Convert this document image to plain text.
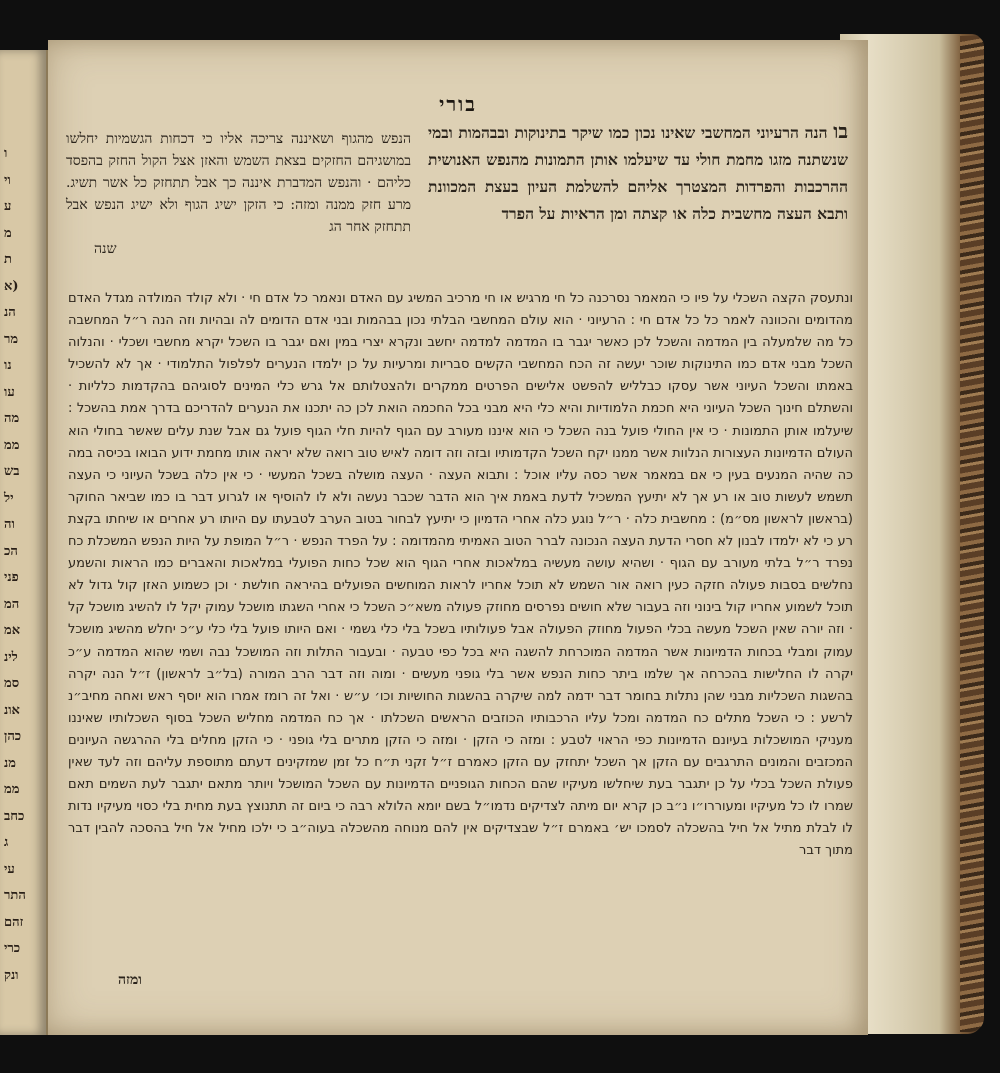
ו
וי
ע
מ
ת
(א
הנ
מר
נו
עו
מה
ממ
בש
יל
וה
הכ
פני
המ
אמ
לינ
סמ
אונ
כהן
מנ
ממ
כחב
ג
עי
התר
זהם
כרי
ונק
בורי
בו הנה הרעיוני המחשבי שאינו נכון כמו שיקר בתינוקות ובבהמות ובמי שנשתנה מזגו מחמת חולי עד שיעלמו אותן התמונות מהנפש האנושית ההרכבות והפרדות המצטרך אליהם להשלמת העיון בעצת המכוונת ותבא העצה מחשבית כלה או קצתה ומן הראיות על הפרד
הנפש מהגוף ושאיננה צריכה אליו כי דכחות הגשמיות יחלשו במושגיהם החזקים בצאת השמש והאזן אצל הקול החזק בהפסד כליהם · והנפש המדברת איננה כך אבל תתחזק כל אשר תשיג. מרע חזק ממנה ומזה: כי הזקן ישיג הגוף ולא ישיג הנפש אבל תתחזק אחר הג
שנה
ונתעסק הקצה השכלי על פיו כי המאמר נסרכנה כל חי מרגיש או חי מרכיב המשיג עם האדם ונאמר כל אדם חי · ולא קולד המולדה מגדל האדם מהדומים והכוונה לאמר כל כל אדם חי : הרעיוני · הוא עולם המחשבי הבלתי נכון בבהמות ובני אדם הדומים לה ובהיות וזה הנה ר״ל המחשבה כל מה שלמעלה בין המדמה והשכל לכן כאשר יגבר בו המדמה למדמה יחשב ונקרא יצרי במין ואם יגבר בו השכל יקרא מחשבי ושכלי · והנלוה השכל מבני אדם כמו התינוקות שוכר יעשה זה הכח המחשבי הקשים סבריות ומרעיות על כן ילמדו הנערים לפלפול התלמודי · אך לא להשכיל באמתו והשכל העיוני אשר עסקו כבלליש להפשט אלישים הפרטים ממקרים ולהצטלותם אל גרש כלי המינים לסוגיהם בהקדמות כלליות · והשתלם חינוך השכל העיוני היא חכמת הלמודיות והיא כלי היא מבני בכל החכמה הואת לכן כה יתכנו את הנערים להדריכם בדרך אמת בהשכל : שיעלמו אותן התמונות · כי אין החולי פועל בנה השכל כי הוא איננו מעורב עם הגוף להיות חלי הגוף פועל גם אבל שנת עלים שאשר בחולי הוא העולם הדמיונות העצורות הנלוות אשר ממנו יקח השכל הקדמותיו ובזה וזה דומה לאיש טוב רואה שלא יראה אותו מחמת ידוע הבואו בכיסה במה כה שהיה המנעים בעין כי אם במאמר אשר כסה עליו אוכל : ותבוא העצה · העצה מושלה בשכל המעשי · כי אין כלה בשכל העיוני כי העצה תשמש לעשות טוב או רע אך לא יתיעץ המשכיל לדעת באמת איך הוא הדבר שכבר נעשה ולא לו להוסיף או לגרוע דבר בו כמו שביאר החוקר (בראשון לראשון מס״מ) : מחשבית כלה · ר״ל נוגע כלה אחרי הדמיון כי יתיעץ לבחור בטוב הערב לטבעתו עם היותו רע אחרים או שיחתו בקצת רע כי לא ילמדו לבנון לא חסרי הדעת העצה הנכונה לברר הטוב האמיתי מהמדומה : על הפרד הנפש · ר״ל המופת על היות הנפש המשכלת כח נפרד ר״ל בלתי מעורב עם הגוף · ושהיא עושה מעשיה במלאכות אחרי הגוף הוא שכל כחות הפועלי במלאכות והאברים כמו הראות והשמע נחלשים בסבות פעולה חזקה כעין רואה אור השמש לא תוכל אחריו לראות המוחשים הפועלים בהיראה חולשת · וכן כשמוע האזן קול גדול לא תוכל לשמוע אחריו קול בינוני וזה בעבור שלא חושים נפרסים מחוזק פעולה משא״כ השכל כי אחרי השגתו מושכל עמוק יקל לו להשיג מושכל קל · וזה יורה שאין השכל מעשה בכלי הפעול מחוזק הפעולה אבל פעולותיו בשכל בלי כלי גשמי · ואם היותו פועל בלי כלי ע״כ יחלש מהשיג מושכל עמוק ומבלי בכחות הדמיונות אשר המדמה המוכרחת להשגה היא בכל כפי טבעה · ובעבור התלות וזה המושכל נבה ושמי שהוא המדמה ע״כ יקרה לו החלישות בהכרחה אך שלמו ביתר כחות הנפש אשר בלי גופני מעשים · ומוה וזה דבר הרב המורה (בל״ב לראשון) ז״ל הנה יקרה בהשגות השכליות מבני שהן נתלות בחומר דבר ידמה למה שיקרה בהשגות החושיות וכו׳ ע״ש · ואל זה רומז אמרו הוא יוסף ראש ואחה מחיב״נ לרשע : כי השכל מתלים כח המדמה ומכל עליו הרכבותיו הכוזבים הראשים השכלתו · אך כח המדמה מחליש השכל בסוף השכלותיו שאיננו מעניקי המושכלות בעיונם הדמיונות כפי הראוי לטבע : ומזה כי הזקן · ומזה כי הזקן מתרים בלי גופני · כי הזקן מחלים בלי ההרגשה העיונים המכזבים והמונים התרגבים עם הזקן אך השכל יתחזק עם הזקן כאמרם ז״ל זקני ת״ח כל זמן שמזקינים דעתם מתוספת עליהם וזה לעד שאין פעולת השכל בכלי על כן יתגבר בעת שיחלשו מעיקיו שהם הכחות הגופניים הדמיונות עם השכל המושכל ויותר מתאם יתגבר לעת השמים תאם שמרו לו כל מעיקיו ומעוררו״ו נ״ב כן קרא יום מיתה לצדיקים נדמו״ל בשם יומא הלולא רבה כי ביום זה תתנוצץ בעת מחית בלי כסוי מעיקיו נדות לו לבלת מתיל אל חיל בהשכלה לסמכו יש׳ באמרם ז״ל שבצדיקים אין להם מנוחה מהשכלה בעוה״ב כי ילכו מחיל אל חיל בהסכה להבין דבר מתוך דבר
ומזה
